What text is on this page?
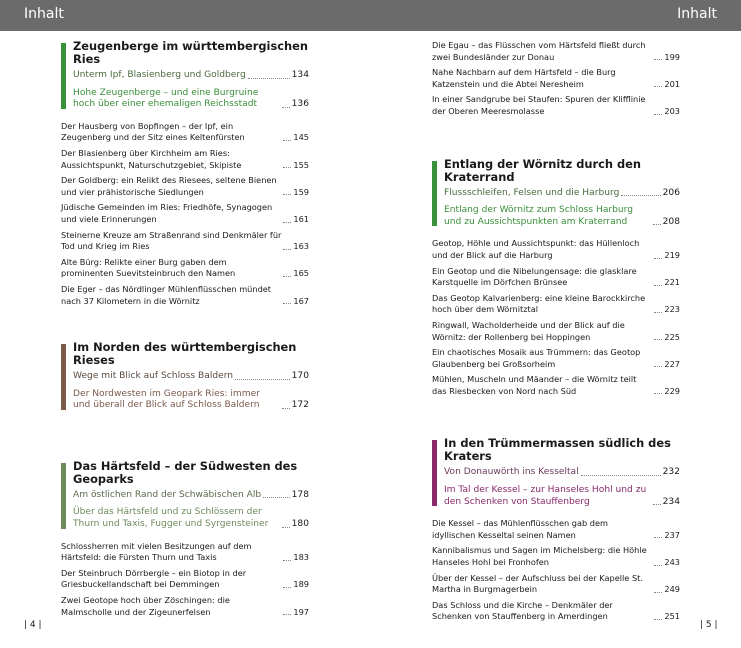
Inhalt	Inhalt
Zeugenberge im württembergischen Ries
Unterm Ipf, Blasienberg und Goldberg	134
Hohe Zeugenberge – und eine Burgruine hoch über einer ehemaligen Reichsstadt	136
Der Hausberg von Bopfingen – der Ipf, ein Zeugenberg und der Sitz eines Keltenfürsten	145
Der Blasienberg über Kirchheim am Ries: Aussichtspunkt, Naturschutzgebiet, Skipiste	155
Der Goldberg: ein Relikt des Riesees, seltene Bienen und vier prähistorische Siedlungen	159
Jüdische Gemeinden im Ries: Friedhöfe, Synagogen und viele Erinnerungen	161
Steinerne Kreuze am Straßenrand sind Denkmäler für Tod und Krieg im Ries	163
Alte Bürg: Relikte einer Burg gaben dem prominenten Suevitsteinbruch den Namen	165
Die Eger – das Nördlinger Mühlenflüsschen mündet nach 37 Kilometern in die Wörnitz	167
Im Norden des württembergischen Rieses
Wege mit Blick auf Schloss Baldern	170
Der Nordwesten im Geopark Ries: immer und überall der Blick auf Schloss Baldern	172
Das Härtsfeld – der Südwesten des Geoparks
Am östlichen Rand der Schwäbischen Alb	178
Über das Härtsfeld und zu Schlössern der Thurn und Taxis, Fugger und Syrgensteiner	180
Schlossherren mit vielen Besitzungen auf dem Härtsfeld: die Fürsten Thurn und Taxis	183
Der Steinbruch Dörrbergle – ein Biotop in der Griesbuckellandschaft bei Demmingen	189
Zwei Geotope hoch über Zöschingen: die Malmscholle und der Zigeunerfelsen	197
Die Egau – das Flüsschen vom Härtsfeld fließt durch zwei Bundesländer zur Donau	199
Nahe Nachbarn auf dem Härtsfeld – die Burg Katzenstein und die Abtei Neresheim	201
In einer Sandgrube bei Staufen: Spuren der Klifflinie der Oberen Meeresmolasse	203
Entlang der Wörnitz durch den Kraterrand
Flussschleifen, Felsen und die Harburg	206
Entlang der Wörnitz zum Schloss Harburg und zu Aussichtspunkten am Kraterrand	208
Geotop, Höhle und Aussichtspunkt: das Hüllenloch und der Blick auf die Harburg	219
Ein Geotop und die Nibelungensage: die glasklare Karstquelle im Dörfchen Brünsee	221
Das Geotop Kalvarienberg: eine kleine Barockkirche hoch über dem Wörnitztal	223
Ringwall, Wacholderheide und der Blick auf die Wörnitz: der Rollenberg bei Hoppingen	225
Ein chaotisches Mosaik aus Trümmern: das Geotop Glaubenberg bei Großsorheim	227
Mühlen, Muscheln und Mäander – die Wörnitz teilt das Riesbecken von Nord nach Süd	229
In den Trümmermassen südlich des Kraters
Von Donauwörth ins Kesseltal	232
Im Tal der Kessel – zur Hanseles Hohl und zu den Schenken von Stauffenberg	234
Die Kessel – das Mühlenflüsschen gab dem idyllischen Kesseltal seinen Namen	237
Kannibalismus und Sagen im Michelsberg: die Höhle Hanseles Hohl bei Fronhofen	243
Über der Kessel – der Aufschluss bei der Kapelle St. Martha in Burgmagerbein	249
Das Schloss und die Kirche – Denkmäler der Schenken von Stauffenberg in Amerdingen	251
| 4 |	| 5 |
